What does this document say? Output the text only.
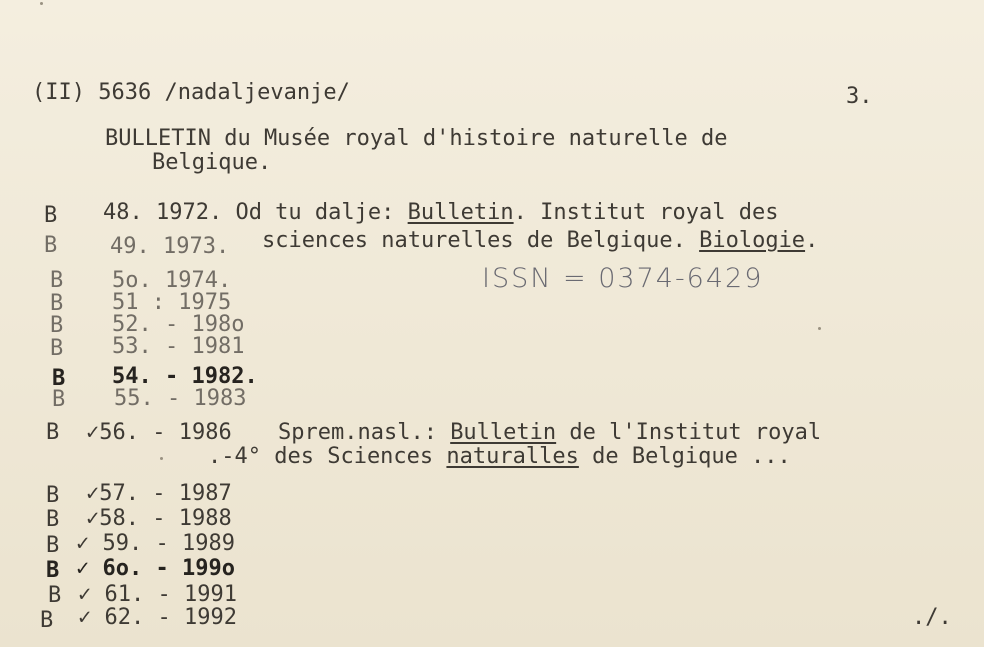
(II) 5636 /nadaljevanje/	3.
BULLETIN du Musée royal d'histoire naturelle de
Belgique.
B
B
B
B
B
B
B
B
B
B
B
B
B
B
B
48. 1972. Od tu dalje: Bulletin. Institut royal des
sciences naturelles de Belgique. Biologie.
49. 1973.
5o. 1974.
51 : 1975
52. - 198o
53. - 1981
54. - 1982.
55. - 1983
ISSN = 0374-6429
✓56. - 1986 Sprem.nasl.: Bulletin de l'Institut royal
.-4° des Sciences naturalles de Belgique ...
✓57. - 1987
✓58. - 1988
✓ 59. - 1989
✓ 6o. - 199o
✓ 61. - 1991
✓ 62. - 1992	./.
